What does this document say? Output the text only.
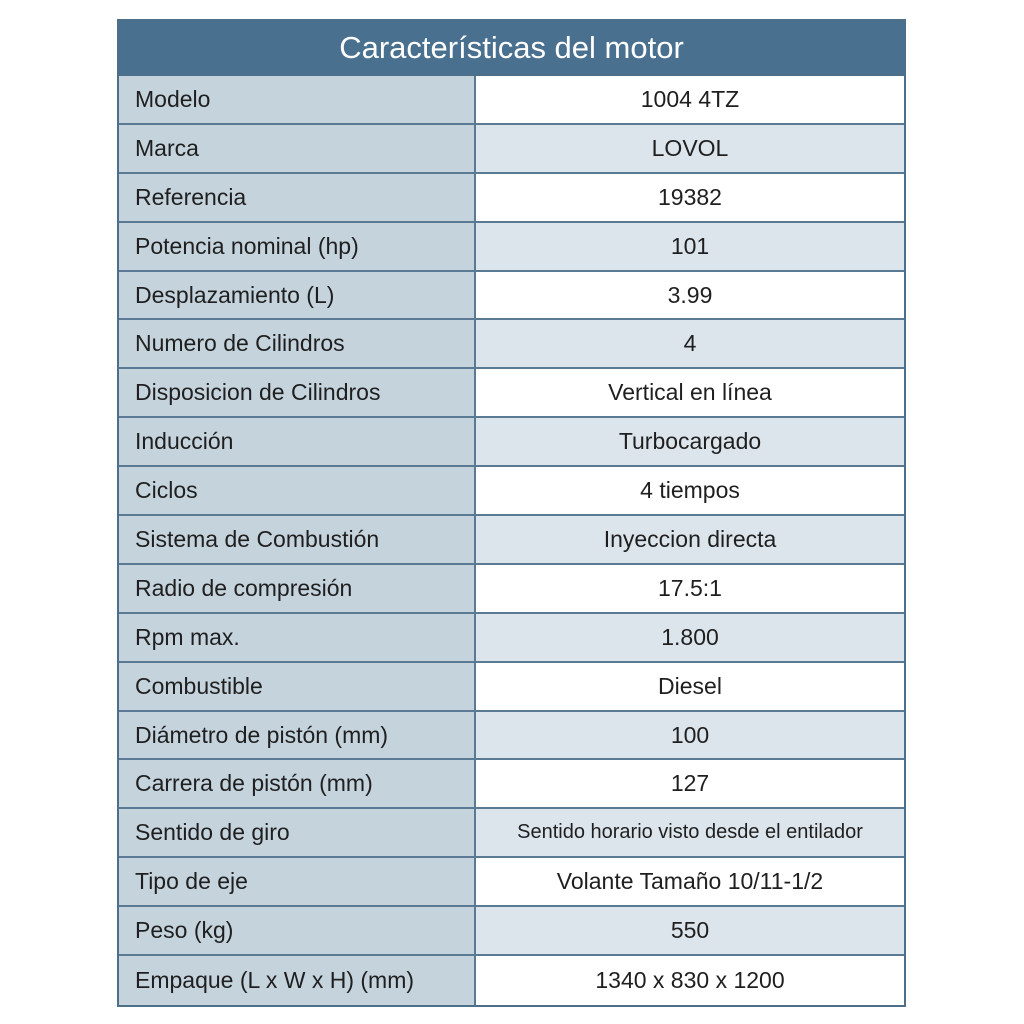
Características del motor
Modelo	1004 4TZ
Marca	LOVOL
Referencia	19382
Potencia nominal (hp)	101
Desplazamiento (L)	3.99
Numero de Cilindros	4
Disposicion de Cilindros	Vertical en línea
Inducción	Turbocargado
Ciclos	4 tiempos
Sistema de Combustión	Inyeccion directa
Radio de compresión	17.5:1
Rpm max.	1.800
Combustible	Diesel
Diámetro de pistón (mm)	100
Carrera de pistón (mm)	127
Sentido de giro	Sentido horario visto desde el entilador
Tipo de eje	Volante Tamaño 10/11-1/2
Peso (kg)	550
Empaque (L x W x H) (mm)	1340 x 830 x 1200
